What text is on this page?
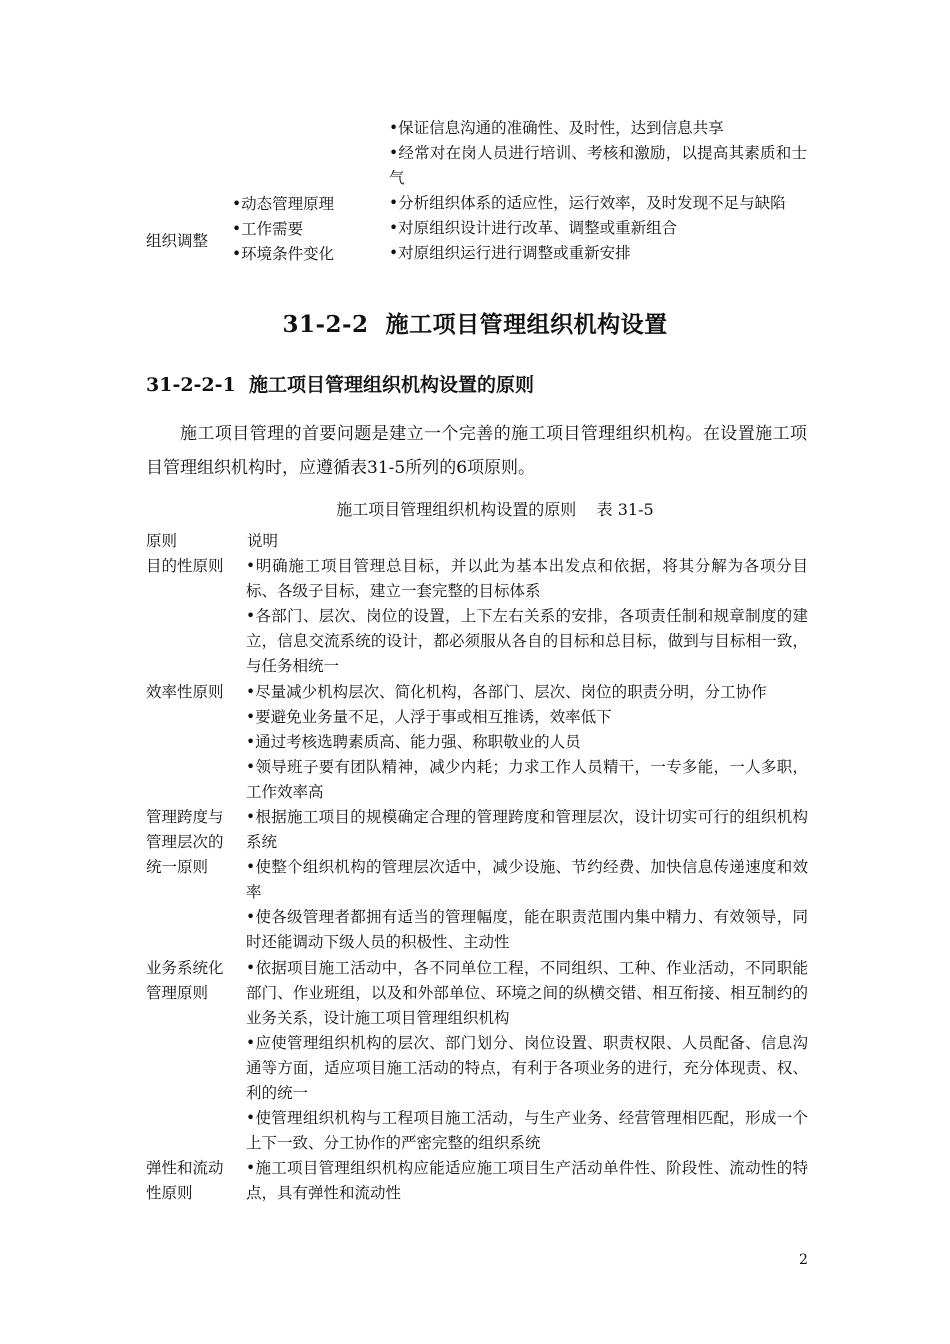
组织调整
•动态管理原理
•工作需要
•环境条件变化
•保证信息沟通的准确性、及时性，达到信息共享
•经常对在岗人员进行培训、考核和激励，以提高其素质和士气
•分析组织体系的适应性，运行效率，及时发现不足与缺陷
•对原组织设计进行改革、调整或重新组合
•对原组织运行进行调整或重新安排
31-2-2 施工项目管理组织机构设置
31-2-2-1 施工项目管理组织机构设置的原则
施工项目管理的首要问题是建立一个完善的施工项目管理组织机构。在设置施工项目管理组织机构时，应遵循表31-5所列的6项原则。
施工项目管理组织机构设置的原则 表 31-5
原则	说明
目的性原则 •明确施工项目管理总目标，并以此为基本出发点和依据，将其分解为各项分目标、各级子目标，建立一套完整的目标体系
•各部门、层次、岗位的设置，上下左右关系的安排，各项责任制和规章制度的建立，信息交流系统的设计，都必须服从各自的目标和总目标，做到与目标相一致，与任务相统一
效率性原则 •尽量减少机构层次、简化机构，各部门、层次、岗位的职责分明，分工协作
•要避免业务量不足，人浮于事或相互推诱，效率低下
•通过考核选聘素质高、能力强、称职敬业的人员
•领导班子要有团队精神，减少内耗；力求工作人员精干，一专多能，一人多职，工作效率高
管理跨度与管理层次的统一原则
•根据施工项目的规模确定合理的管理跨度和管理层次，设计切实可行的组织机构系统
•使整个组织机构的管理层次适中，减少设施、节约经费、加快信息传递速度和效率
•使各级管理者都拥有适当的管理幅度，能在职责范围内集中精力、有效领导，同时还能调动下级人员的积极性、主动性
业务系统化管理原则
•依据项目施工活动中，各不同单位工程，不同组织、工种、作业活动，不同职能部门、作业班组，以及和外部单位、环境之间的纵横交错、相互衔接、相互制约的业务关系，设计施工项目管理组织机构
•应使管理组织机构的层次、部门划分、岗位设置、职责权限、人员配备、信息沟通等方面，适应项目施工活动的特点，有利于各项业务的进行，充分体现责、权、利的统一
•使管理组织机构与工程项目施工活动，与生产业务、经营管理相匹配，形成一个上下一致、分工协作的严密完整的组织系统
弹性和流动性原则
•施工项目管理组织机构应能适应施工项目生产活动单件性、阶段性、流动性的特点，具有弹性和流动性
2
